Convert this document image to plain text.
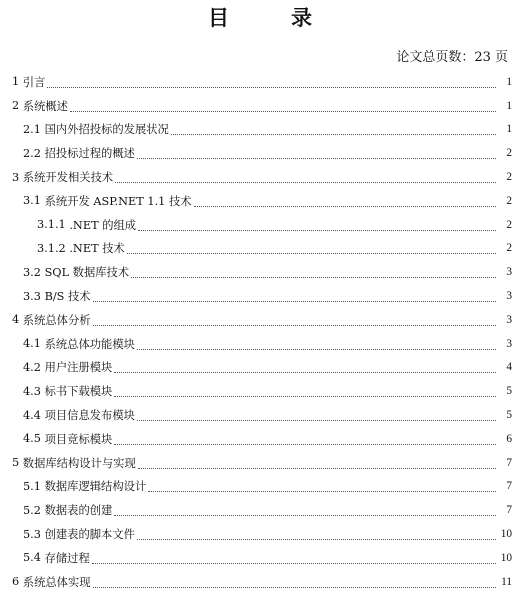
目	录
论文总页数：23 页
1 引言	1
2 系统概述	1
2.1 国内外招投标的发展状况	1
2.2 招投标过程的概述	2
3 系统开发相关技术	2
3.1 系统开发 ASP.NET 1.1 技术	2
3.1.1 .NET 的组成	2
3.1.2 .NET 技术	2
3.2 SQL 数据库技术	3
3.3 B/S 技术	3
4 系统总体分析	3
4.1 系统总体功能模块	3
4.2 用户注册模块	4
4.3 标书下载模块	5
4.4 项目信息发布模块	5
4.5 项目竞标模块	6
5 数据库结构设计与实现	7
5.1 数据库逻辑结构设计	7
5.2 数据表的创建	7
5.3 创建表的脚本文件	10
5.4 存储过程	10
6 系统总体实现	11
